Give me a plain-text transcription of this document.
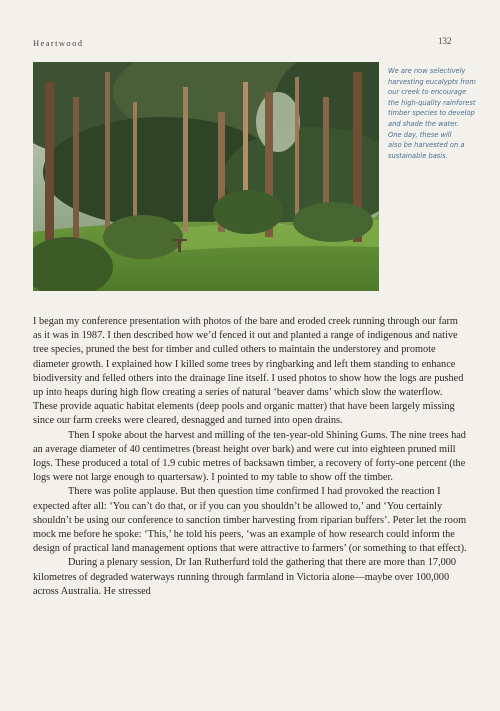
Heartwood	132
We are now selectively
harvesting eucalypts from
our creek to encourage
the high-quality rainforest
timber species to develop
and shade the water.
One day, these will
also be harvested on a
sustainable basis.

I began my conference presentation with photos of the bare and eroded creek running through our farm as it was in 1987. I then described how we’d fenced it out and planted a range of indigenous and native tree species, pruned the best for timber and culled others to maintain the understorey and promote diameter growth. I explained how I killed some trees by ringbarking and left them standing to enhance biodiversity and felled others into the drainage line itself. I used photos to show how the logs are pushed up into heaps during high flow creating a series of natural ‘beaver dams’ which slow the waterflow. These provide aquatic habitat elements (deep pools and organic matter) that have been largely missing since our farm creeks were cleared, desnagged and turned into open drains.

Then I spoke about the harvest and milling of the ten-year-old Shining Gums. The nine trees had an average diameter of 40 centimetres (breast height over bark) and were cut into eighteen pruned mill logs. These produced a total of 1.9 cubic metres of backsawn timber, a recovery of forty-one percent (the logs were not large enough to quartersaw). I pointed to my table to show off the timber.

There was polite applause. But then question time confirmed I had provoked the reaction I expected after all: ‘You can’t do that, or if you can you shouldn’t be allowed to,’ and ‘You certainly shouldn’t be using our conference to sanction timber harvesting from riparian buffers’. Peter let the room mock me before he spoke: ‘This,’ he told his peers, ‘was an example of how research could inform the design of practical land management options that were attractive to farmers’ (or something to that effect).

During a plenary session, Dr Ian Rutherfurd told the gathering that there are more than 17,000 kilometres of degraded waterways running through farmland in Victoria alone—maybe over 100,000 across Australia. He stressed
